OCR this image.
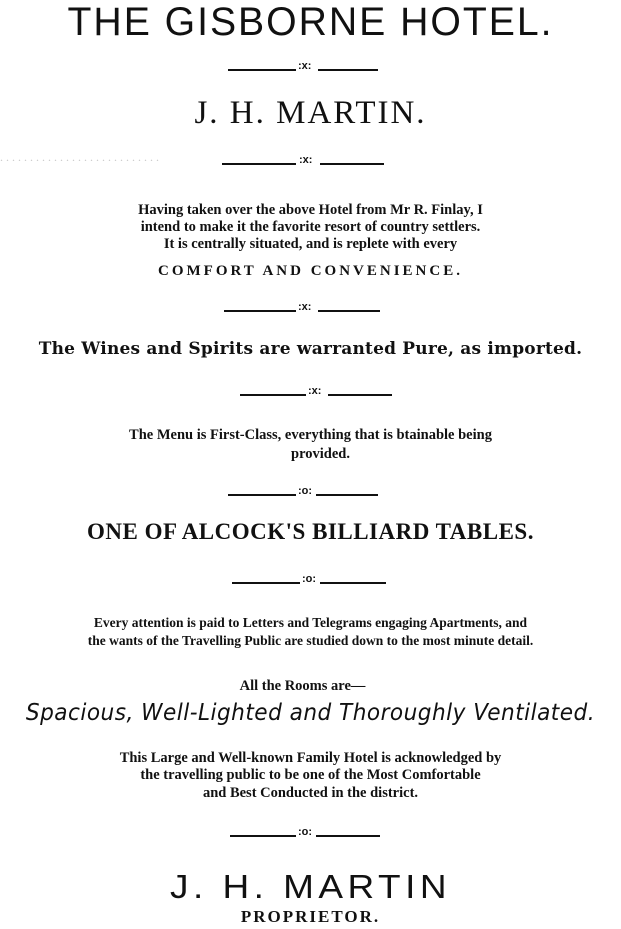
. . . . . . . . . . . . . . . . . . . . . . . . . . .
THE GISBORNE HOTEL.
:x:
J. H. MARTIN.
:x:
Having taken over the above Hotel from Mr R. Finlay, I
intend to make it the favorite resort of country settlers.
It is centrally situated, and is replete with every
COMFORT AND CONVENIENCE.
:x:
The Wines and Spirits are warranted Pure, as imported.
:x:
The Menu is First-Class, everything that is btainable being
provided.
:o:
ONE OF ALCOCK'S BILLIARD TABLES.
:o:
Every attention is paid to Letters and Telegrams engaging Apartments, and
the wants of the Travelling Public are studied down to the most minute detail.
All the Rooms are—
Spacious, Well-Lighted and Thoroughly Ventilated.
This Large and Well-known Family Hotel is acknowledged by
the travelling public to be one of the Most Comfortable
and Best Conducted in the district.
:o:
J. H. MARTIN
PROPRIETOR.
